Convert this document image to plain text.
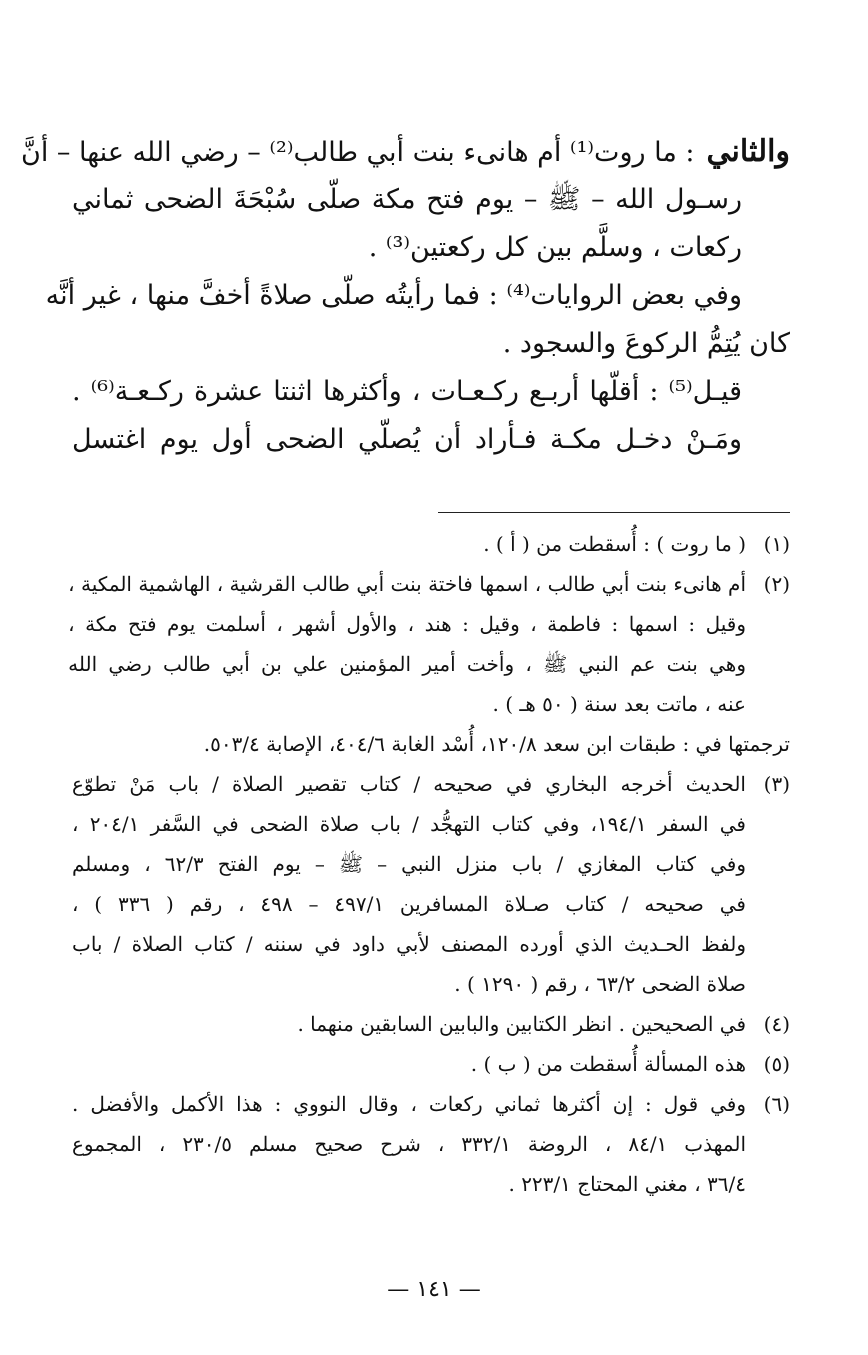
والثاني: ما روت⁽¹⁾ أم هانىء بنت أبي طالب⁽²⁾ – رضي الله عنها – أنَّ
رسـول الله – ﷺ – يوم فتح مكة صلّى سُبْحَةَ الضحى ثماني
ركعات ، وسلَّم بين كل ركعتين⁽³⁾ .
وفي بعض الروايات⁽⁴⁾ : فما رأيتُه صلّى صلاةً أخفَّ منها ، غير أنَّه
كان يُتِمُّ الركوعَ والسجود .
قيـل⁽⁵⁾ : أقلّها أربـع ركـعـات ، وأكثرها اثنتا عشرة ركـعـة⁽⁶⁾ .
ومَـنْ دخـل مكـة فـأراد أن يُصلّي الضحى أول يوم اغتسل
(١)
( ما روت ) : أُسقطت من ( أ ) .
(٢)
أم هانىء بنت أبي طالب ، اسمها فاختة بنت أبي طالب القرشية ، الهاشمية المكية ،
وقيل : اسمها : فاطمة ، وقيل : هند ، والأول أشهر ، أسلمت يوم فتح مكة ،
وهي بنت عم النبي ﷺ ، وأخت أمير المؤمنين علي بن أبي طالب رضي الله
عنه ، ماتت بعد سنة ( ٥٠ هـ ) .
ترجمتها في : طبقات ابن سعد ١٢٠/٨، أُسْد الغابة ٤٠٤/٦، الإصابة ٥٠٣/٤.
(٣)
الحديث أخرجه البخاري في صحيحه / كتاب تقصير الصلاة / باب مَنْ تطوّع
في السفر ١٩٤/١، وفي كتاب التهجُّد / باب صلاة الضحى في السَّفر ٢٠٤/١ ،
وفي كتاب المغازي / باب منزل النبي – ﷺ – يوم الفتح ٦٢/٣ ، ومسلم
في صحيحه / كتاب صـلاة المسافرين ٤٩٧/١ – ٤٩٨ ، رقم ( ٣٣٦ ) ،
ولفظ الحـديث الذي أورده المصنف لأبي داود في سننه / كتاب الصلاة / باب
صلاة الضحى ٦٣/٢ ، رقم ( ١٢٩٠ ) .
(٤)
في الصحيحين . انظر الكتابين والبابين السابقين منهما .
(٥)
هذه المسألة أُسقطت من ( ب ) .
(٦)
وفي قول : إن أكثرها ثماني ركعات ، وقال النووي : هذا الأكمل والأفضل .
المهذب ٨٤/١ ، الروضة ٣٣٢/١ ، شرح صحيح مسلم ٢٣٠/٥ ، المجموع
٣٦/٤ ، مغني المحتاج ٢٢٣/١ .
— ١٤١ —
